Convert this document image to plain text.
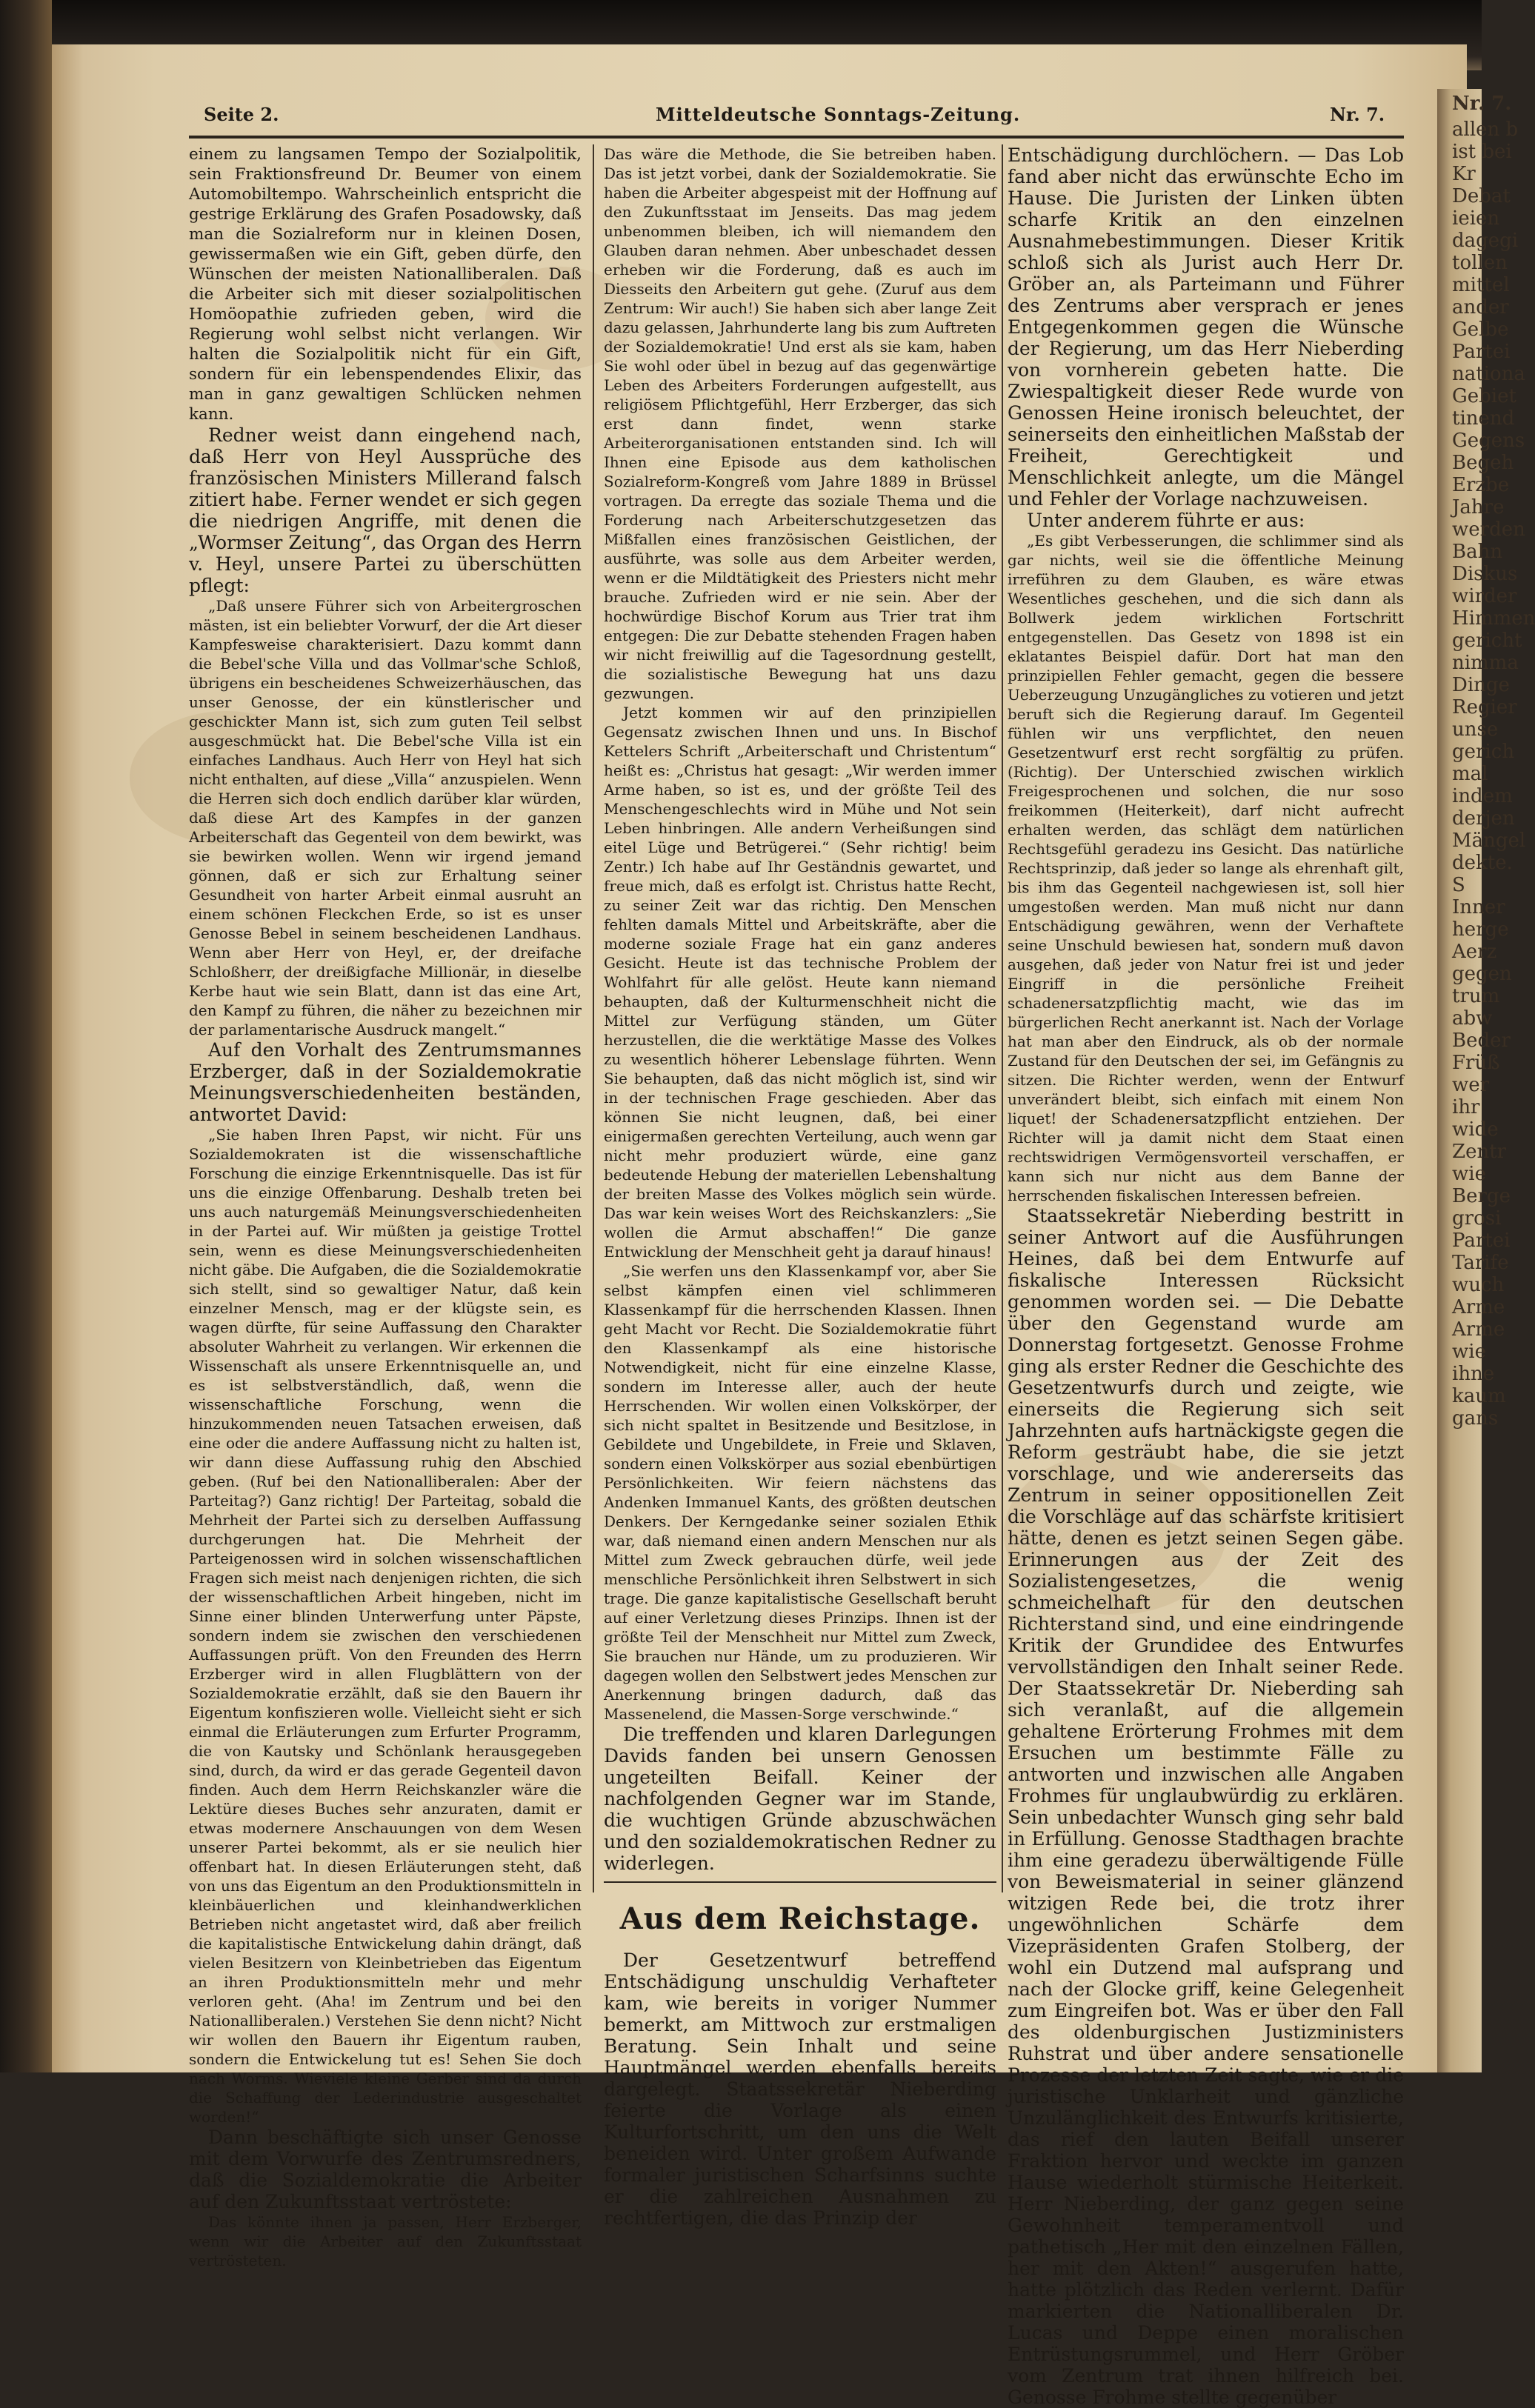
Nr. 7.
allen b
ist bei
Kr
Debat
ieien
dagegi
tollen
mittel
ander
Gelbe
Partei
nationa
Gebiet
tinend
Gegens
Begeh
Erzbe
Jahre
werden
Bahn
Diskus
wirder
Himmen
gericht
nimma
Dinge
Regier
unse
gerich
mal
indem
derjen
Mängel
dekte.
S
Inner
herge
Aerz
gegen
trum
abw
Beder
Früß
wer
ihr
wide
Zentr
wie
Berge
grosi
Partei
Tarife
wuch
Arme
Arme
wie
ihne
kaum
gans
Seite 2.	Mitteldeutsche Sonntags-Zeitung.	Nr. 7.

einem zu langsamen Tempo der Sozialpolitik, sein Fraktionsfreund Dr. Beumer von einem Automobiltempo. Wahrscheinlich entspricht die gestrige Erklärung des Grafen Posadowsky, daß man die Sozialreform nur in kleinen Dosen, gewissermaßen wie ein Gift, geben dürfe, den Wünschen der meisten Nationalliberalen. Daß die Arbeiter sich mit dieser sozialpolitischen Homöopathie zufrieden geben, wird die Regierung wohl selbst nicht verlangen. Wir halten die Sozialpolitik nicht für ein Gift, sondern für ein lebenspendendes Elixir, das man in ganz gewaltigen Schlücken nehmen kann.

Redner weist dann eingehend nach, daß Herr von Heyl Aussprüche des französischen Ministers Millerand falsch zitiert habe. Ferner wendet er sich gegen die niedrigen Angriffe, mit denen die „Wormser Zeitung“, das Organ des Herrn v. Heyl, unsere Partei zu überschütten pflegt:

„Daß unsere Führer sich von Arbeitergroschen mästen, ist ein beliebter Vorwurf, der die Art dieser Kampfesweise charakterisiert. Dazu kommt dann die Bebel'sche Villa und das Vollmar'sche Schloß, übrigens ein bescheidenes Schweizerhäuschen, das unser Genosse, der ein künstlerischer und geschickter Mann ist, sich zum guten Teil selbst ausgeschmückt hat. Die Bebel'sche Villa ist ein einfaches Landhaus. Auch Herr von Heyl hat sich nicht enthalten, auf diese „Villa“ anzuspielen. Wenn die Herren sich doch endlich darüber klar würden, daß diese Art des Kampfes in der ganzen Arbeiterschaft das Gegenteil von dem bewirkt, was sie bewirken wollen. Wenn wir irgend jemand gönnen, daß er sich zur Erhaltung seiner Gesundheit von harter Arbeit einmal ausruht an einem schönen Fleckchen Erde, so ist es unser Genosse Bebel in seinem bescheidenen Landhaus. Wenn aber Herr von Heyl, er, der dreifache Schloßherr, der dreißigfache Millionär, in dieselbe Kerbe haut wie sein Blatt, dann ist das eine Art, den Kampf zu führen, die näher zu bezeichnen mir der parlamentarische Ausdruck mangelt.“

Auf den Vorhalt des Zentrumsmannes Erzberger, daß in der Sozialdemokratie Meinungsverschiedenheiten beständen, antwortet David:

„Sie haben Ihren Papst, wir nicht. Für uns Sozialdemokraten ist die wissenschaftliche Forschung die einzige Erkenntnisquelle. Das ist für uns die einzige Offenbarung. Deshalb treten bei uns auch naturgemäß Meinungsverschiedenheiten in der Partei auf. Wir müßten ja geistige Trottel sein, wenn es diese Meinungsverschiedenheiten nicht gäbe. Die Aufgaben, die die Sozialdemokratie sich stellt, sind so gewaltiger Natur, daß kein einzelner Mensch, mag er der klügste sein, es wagen dürfte, für seine Auffassung den Charakter absoluter Wahrheit zu verlangen. Wir erkennen die Wissenschaft als unsere Erkenntnisquelle an, und es ist selbstverständlich, daß, wenn die wissenschaftliche Forschung, wenn die hinzukommenden neuen Tatsachen erweisen, daß eine oder die andere Auffassung nicht zu halten ist, wir dann diese Auffassung ruhig den Abschied geben. (Ruf bei den Nationalliberalen: Aber der Parteitag?) Ganz richtig! Der Parteitag, sobald die Mehrheit der Partei sich zu derselben Auffassung durchgerungen hat. Die Mehrheit der Parteigenossen wird in solchen wissenschaftlichen Fragen sich meist nach denjenigen richten, die sich der wissenschaftlichen Arbeit hingeben, nicht im Sinne einer blinden Unterwerfung unter Päpste, sondern indem sie zwischen den verschiedenen Auffassungen prüft. Von den Freunden des Herrn Erzberger wird in allen Flugblättern von der Sozialdemokratie erzählt, daß sie den Bauern ihr Eigentum konfiszieren wolle. Vielleicht sieht er sich einmal die Erläuterungen zum Erfurter Programm, die von Kautsky und Schönlank herausgegeben sind, durch, da wird er das gerade Gegenteil davon finden. Auch dem Herrn Reichskanzler wäre die Lektüre dieses Buches sehr anzuraten, damit er etwas modernere Anschauungen von dem Wesen unserer Partei bekommt, als er sie neulich hier offenbart hat. In diesen Erläuterungen steht, daß von uns das Eigentum an den Produktionsmitteln in kleinbäuerlichen und kleinhandwerklichen Betrieben nicht angetastet wird, daß aber freilich die kapitalistische Entwickelung dahin drängt, daß vielen Besitzern von Kleinbetrieben das Eigentum an ihren Produktionsmitteln mehr und mehr verloren geht. (Aha! im Zentrum und bei den Nationalliberalen.) Verstehen Sie denn nicht? Nicht wir wollen den Bauern ihr Eigentum rauben, sondern die Entwickelung tut es! Sehen Sie doch nach Worms. Wieviele kleine Gerber sind da durch die Schaffung der Lederindustrie ausgeschaltet worden!“

Dann beschäftigte sich unser Genosse mit dem Vorwurfe des Zentrumsredners, daß die Sozialdemokratie die Arbeiter auf den Zukunftsstaat vertröstete:

Das könnte ihnen ja passen, Herr Erzberger, wenn wir die Arbeiter auf den Zukunftsstaat vertrösteten.

Das wäre die Methode, die Sie betreiben haben. Das ist jetzt vorbei, dank der Sozialdemokratie. Sie haben die Arbeiter abgespeist mit der Hoffnung auf den Zukunftsstaat im Jenseits. Das mag jedem unbenommen bleiben, ich will niemandem den Glauben daran nehmen. Aber unbeschadet dessen erheben wir die Forderung, daß es auch im Diesseits den Arbeitern gut gehe. (Zuruf aus dem Zentrum: Wir auch!) Sie haben sich aber lange Zeit dazu gelassen, Jahrhunderte lang bis zum Auftreten der Sozialdemokratie! Und erst als sie kam, haben Sie wohl oder übel in bezug auf das gegenwärtige Leben des Arbeiters Forderungen aufgestellt, aus religiösem Pflichtgefühl, Herr Erzberger, das sich erst dann findet, wenn starke Arbeiterorganisationen entstanden sind. Ich will Ihnen eine Episode aus dem katholischen Sozialreform-Kongreß vom Jahre 1889 in Brüssel vortragen. Da erregte das soziale Thema und die Forderung nach Arbeiterschutzgesetzen das Mißfallen eines französischen Geistlichen, der ausführte, was solle aus dem Arbeiter werden, wenn er die Mildtätigkeit des Priesters nicht mehr brauche. Zufrieden wird er nie sein. Aber der hochwürdige Bischof Korum aus Trier trat ihm entgegen: Die zur Debatte stehenden Fragen haben wir nicht freiwillig auf die Tagesordnung gestellt, die sozialistische Bewegung hat uns dazu gezwungen.

Jetzt kommen wir auf den prinzipiellen Gegensatz zwischen Ihnen und uns. In Bischof Kettelers Schrift „Arbeiterschaft und Christentum“ heißt es: „Christus hat gesagt: „Wir werden immer Arme haben, so ist es, und der größte Teil des Menschengeschlechts wird in Mühe und Not sein Leben hinbringen. Alle andern Verheißungen sind eitel Lüge und Betrügerei.“ (Sehr richtig! beim Zentr.) Ich habe auf Ihr Geständnis gewartet, und freue mich, daß es erfolgt ist. Christus hatte Recht, zu seiner Zeit war das richtig. Den Menschen fehlten damals Mittel und Arbeitskräfte, aber die moderne soziale Frage hat ein ganz anderes Gesicht. Heute ist das technische Problem der Wohlfahrt für alle gelöst. Heute kann niemand behaupten, daß der Kulturmenschheit nicht die Mittel zur Verfügung ständen, um Güter herzustellen, die die werktätige Masse des Volkes zu wesentlich höherer Lebenslage führten. Wenn Sie behaupten, daß das nicht möglich ist, sind wir in der technischen Frage geschieden. Aber das können Sie nicht leugnen, daß, bei einer einigermaßen gerechten Verteilung, auch wenn gar nicht mehr produziert würde, eine ganz bedeutende Hebung der materiellen Lebenshaltung der breiten Masse des Volkes möglich sein würde. Das war kein weises Wort des Reichskanzlers: „Sie wollen die Armut abschaffen!“ Die ganze Entwicklung der Menschheit geht ja darauf hinaus!

„Sie werfen uns den Klassenkampf vor, aber Sie selbst kämpfen einen viel schlimmeren Klassenkampf für die herrschenden Klassen. Ihnen geht Macht vor Recht. Die Sozialdemokratie führt den Klassenkampf als eine historische Notwendigkeit, nicht für eine einzelne Klasse, sondern im Interesse aller, auch der heute Herrschenden. Wir wollen einen Volkskörper, der sich nicht spaltet in Besitzende und Besitzlose, in Gebildete und Ungebildete, in Freie und Sklaven, sondern einen Volkskörper aus sozial ebenbürtigen Persönlichkeiten. Wir feiern nächstens das Andenken Immanuel Kants, des größten deutschen Denkers. Der Kerngedanke seiner sozialen Ethik war, daß niemand einen andern Menschen nur als Mittel zum Zweck gebrauchen dürfe, weil jede menschliche Persönlichkeit ihren Selbstwert in sich trage. Die ganze kapitalistische Gesellschaft beruht auf einer Verletzung dieses Prinzips. Ihnen ist der größte Teil der Menschheit nur Mittel zum Zweck, Sie brauchen nur Hände, um zu produzieren. Wir dagegen wollen den Selbstwert jedes Menschen zur Anerkennung bringen dadurch, daß das Massenelend, die Massen-Sorge verschwinde.“

Die treffenden und klaren Darlegungen Davids fanden bei unsern Genossen ungeteilten Beifall. Keiner der nachfolgenden Gegner war im Stande, die wuchtigen Gründe abzuschwächen und den sozialdemokratischen Redner zu widerlegen.

Aus dem Reichstage.

Der Gesetzentwurf betreffend Entschädigung unschuldig Verhafteter kam, wie bereits in voriger Nummer bemerkt, am Mittwoch zur erstmaligen Beratung. Sein Inhalt und seine Hauptmängel werden ebenfalls bereits dargelegt. Staatssekretär Nieberding feierte die Vorlage als einen Kulturfortschritt, um den uns die Welt beneiden wird. Unter großem Aufwande formaler juristischen Scharfsinns suchte er die zahlreichen Ausnahmen zu rechtfertigen, die das Prinzip der

Entschädigung durchlöchern. — Das Lob fand aber nicht das erwünschte Echo im Hause. Die Juristen der Linken übten scharfe Kritik an den einzelnen Ausnahmebestimmungen. Dieser Kritik schloß sich als Jurist auch Herr Dr. Gröber an, als Parteimann und Führer des Zentrums aber versprach er jenes Entgegenkommen gegen die Wünsche der Regierung, um das Herr Nieberding von vornherein gebeten hatte. Die Zwiespaltigkeit dieser Rede wurde von Genossen Heine ironisch beleuchtet, der seinerseits den einheitlichen Maßstab der Freiheit, Gerechtigkeit und Menschlichkeit anlegte, um die Mängel und Fehler der Vorlage nachzuweisen.

Unter anderem führte er aus:

„Es gibt Verbesserungen, die schlimmer sind als gar nichts, weil sie die öffentliche Meinung irreführen zu dem Glauben, es wäre etwas Wesentliches geschehen, und die sich dann als Bollwerk jedem wirklichen Fortschritt entgegenstellen. Das Gesetz von 1898 ist ein eklatantes Beispiel dafür. Dort hat man den prinzipiellen Fehler gemacht, gegen die bessere Ueberzeugung Unzugängliches zu votieren und jetzt beruft sich die Regierung darauf. Im Gegenteil fühlen wir uns verpflichtet, den neuen Gesetzentwurf erst recht sorgfältig zu prüfen. (Richtig). Der Unterschied zwischen wirklich Freigesprochenen und solchen, die nur soso freikommen (Heiterkeit), darf nicht aufrecht erhalten werden, das schlägt dem natürlichen Rechtsgefühl geradezu ins Gesicht. Das natürliche Rechtsprinzip, daß jeder so lange als ehrenhaft gilt, bis ihm das Gegenteil nachgewiesen ist, soll hier umgestoßen werden. Man muß nicht nur dann Entschädigung gewähren, wenn der Verhaftete seine Unschuld bewiesen hat, sondern muß davon ausgehen, daß jeder von Natur frei ist und jeder Eingriff in die persönliche Freiheit schadenersatzpflichtig macht, wie das im bürgerlichen Recht anerkannt ist. Nach der Vorlage hat man aber den Eindruck, als ob der normale Zustand für den Deutschen der sei, im Gefängnis zu sitzen. Die Richter werden, wenn der Entwurf unverändert bleibt, sich einfach mit einem Non liquet! der Schadenersatzpflicht entziehen. Der Richter will ja damit nicht dem Staat einen rechtswidrigen Vermögensvorteil verschaffen, er kann sich nur nicht aus dem Banne der herrschenden fiskalischen Interessen befreien.

Staatssekretär Nieberding bestritt in seiner Antwort auf die Ausführungen Heines, daß bei dem Entwurfe auf fiskalische Interessen Rücksicht genommen worden sei. — Die Debatte über den Gegenstand wurde am Donnerstag fortgesetzt. Genosse Frohme ging als erster Redner die Geschichte des Gesetzentwurfs durch und zeigte, wie einerseits die Regierung sich seit Jahrzehnten aufs hartnäckigste gegen die Reform gesträubt habe, die sie jetzt vorschlage, und wie andererseits das Zentrum in seiner oppositionellen Zeit die Vorschläge auf das schärfste kritisiert hätte, denen es jetzt seinen Segen gäbe. Erinnerungen aus der Zeit des Sozialistengesetzes, die wenig schmeichelhaft für den deutschen Richterstand sind, und eine eindringende Kritik der Grundidee des Entwurfes vervollständigen den Inhalt seiner Rede. Der Staatssekretär Dr. Nieberding sah sich veranlaßt, auf die allgemein gehaltene Erörterung Frohmes mit dem Ersuchen um bestimmte Fälle zu antworten und inzwischen alle Angaben Frohmes für unglaubwürdig zu erklären. Sein unbedachter Wunsch ging sehr bald in Erfüllung. Genosse Stadthagen brachte ihm eine geradezu überwältigende Fülle von Beweismaterial in seiner glänzend witzigen Rede bei, die trotz ihrer ungewöhnlichen Schärfe dem Vizepräsidenten Grafen Stolberg, der wohl ein Dutzend mal aufsprang und nach der Glocke griff, keine Gelegenheit zum Eingreifen bot. Was er über den Fall des oldenburgischen Justizministers Ruhstrat und über andere sensationelle Prozesse der letzten Zeit sagte, wie er die juristische Unklarheit und gänzliche Unzulänglichkeit des Entwurfs kritisierte, das rief den lauten Beifall unserer Fraktion hervor und weckte im ganzen Hause wiederholt stürmische Heiterkeit. Herr Nieberding, der ganz gegen seine Gewohnheit temperamentvoll und pathetisch „Her mit den einzelnen Fällen, her mit den Akten!“ ausgerufen hatte, hatte plötzlich das Reden verlernt. Dafür markierten die Nationalliberalen Dr. Lucas und Deppe einen moralischen Entrüstungsrummel, und Herr Gröber vom Zentrum trat ihnen hilfreich bei. Genosse Frohme stellte gegenüber
